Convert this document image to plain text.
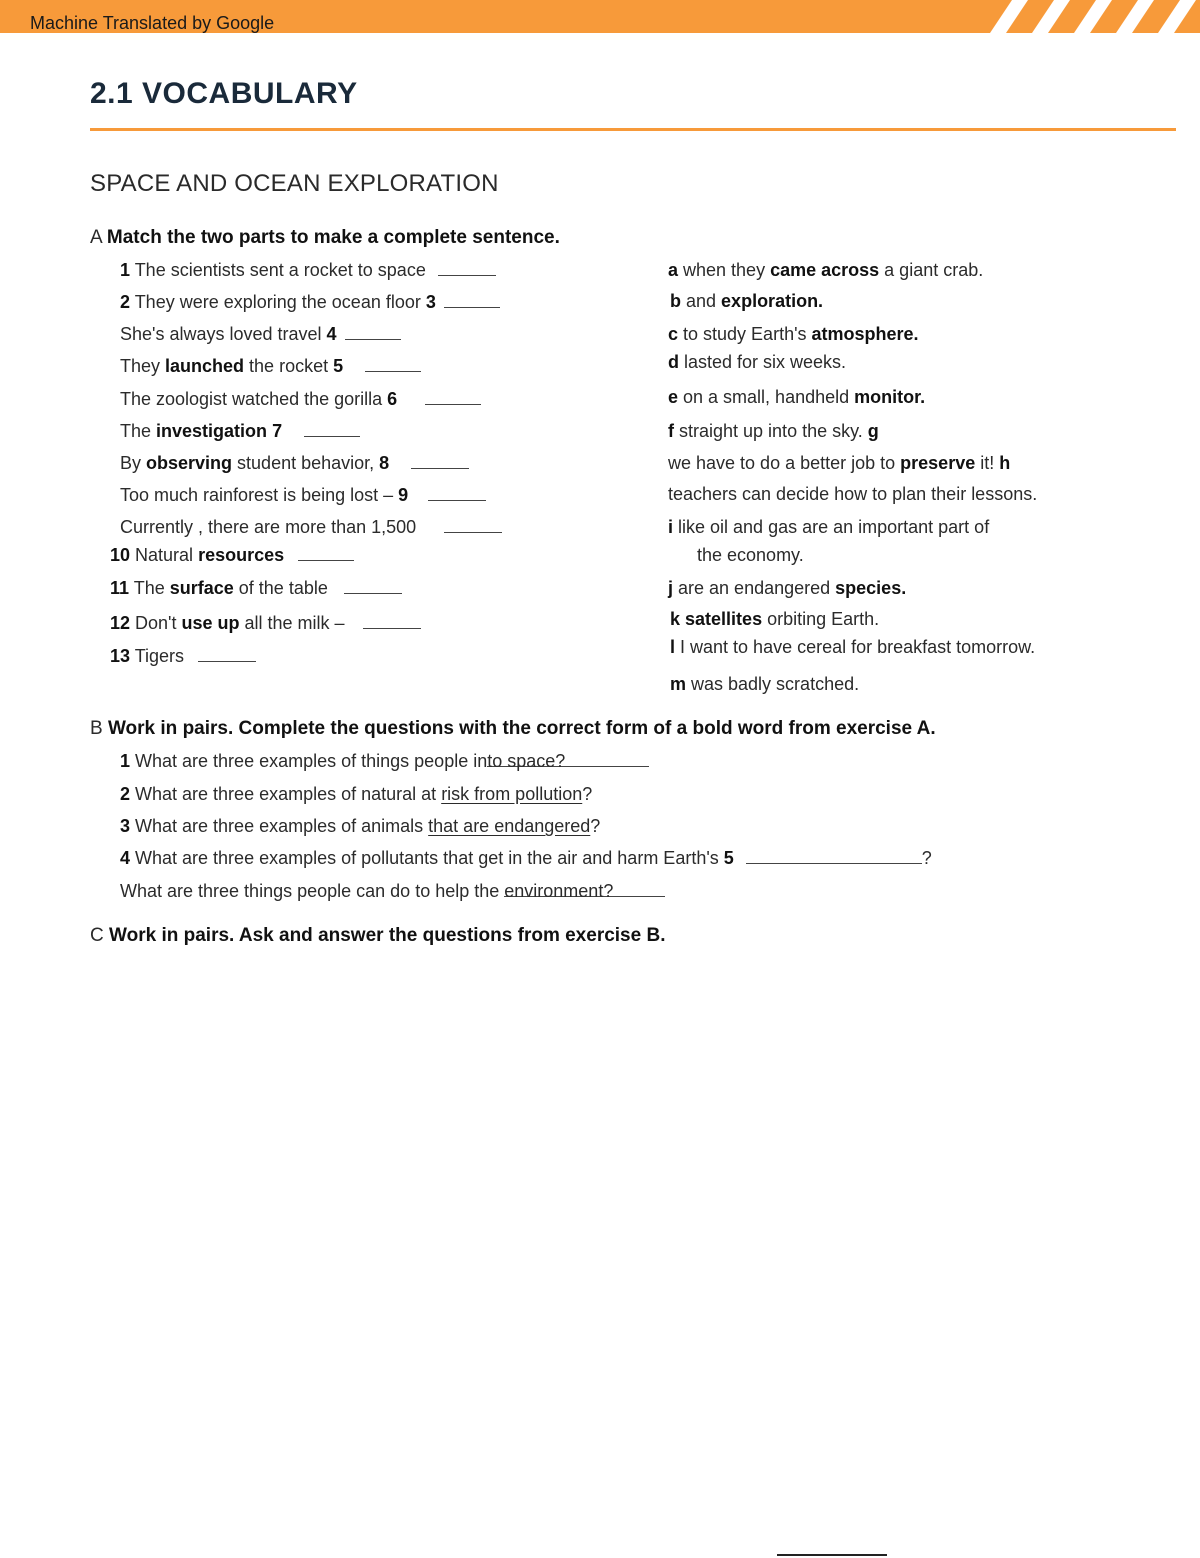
Machine Translated by Google
2.1 VOCABULARY
SPACE AND OCEAN EXPLORATION
A Match the two parts to make a complete sentence.
1 The scientists sent a rocket to space
2 They were exploring the ocean floor 3
She's always loved travel 4
They launched the rocket 5
The zoologist watched the gorilla 6
The investigation 7
By observing student behavior, 8
Too much rainforest is being lost – 9
Currently , there are more than 1,500
10 Natural resources
11 The surface of the table
12 Don't use up all the milk –
13 Tigers
a when they came across a giant crab.
b and exploration.
c to study Earth's atmosphere.
d lasted for six weeks.
e on a small, handheld monitor.
f straight up into the sky. g
we have to do a better job to preserve it! h
teachers can decide how to plan their lessons.
i like oil and gas are an important part of
the economy.
j are an endangered species.
k satellites orbiting Earth.
l I want to have cereal for breakfast tomorrow.
m was badly scratched.
B Work in pairs. Complete the questions with the correct form of a bold word from exercise A.
1 What are three examples of things people into space?
2 What are three examples of natural at risk from pollution?
3 What are three examples of animals that are endangered?
4 What are three examples of pollutants that get in the air and harm Earth's 5	?
What are three things people can do to help the environment?
C Work in pairs. Ask and answer the questions from exercise B.
